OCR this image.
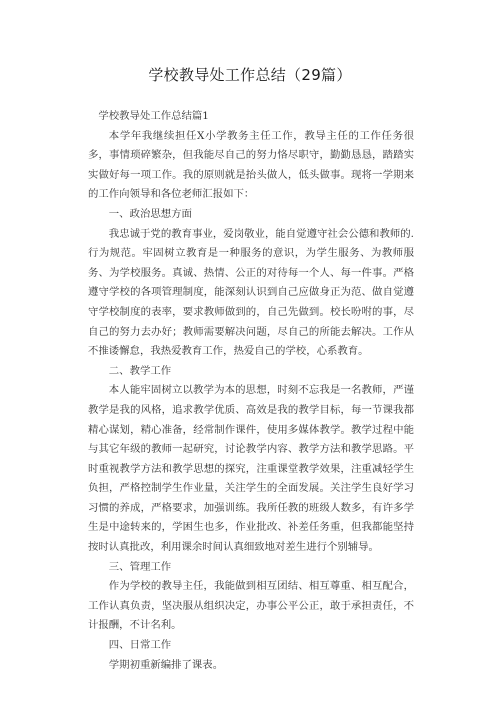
学校教导处工作总结（29篇）

学校教导处工作总结篇1

本学年我继续担任X小学教务主任工作，教导主任的工作任务很多，事情琐碎繁杂，但我能尽自己的努力恪尽职守，勤勤恳恳，踏踏实实做好每一项工作。我的原则就是抬头做人，低头做事。现将一学期来的工作向领导和各位老师汇报如下：

一、政治思想方面

我忠诚于党的教育事业，爱岗敬业，能自觉遵守社会公德和教师的.行为规范。牢固树立教育是一种服务的意识，为学生服务、为教师服务、为学校服务。真诚、热情、公正的对待每一个人、每一件事。严格遵守学校的各项管理制度，能深刻认识到自己应做身正为范、做自觉遵守学校制度的表率，要求教师做到的，自己先做到。校长吩咐的事，尽自己的努力去办好；教师需要解决问题，尽自己的所能去解决。工作从不推诿懈怠，我热爱教育工作，热爱自己的学校，心系教育。

二、教学工作

本人能牢固树立以教学为本的思想，时刻不忘我是一名教师，严谨教学是我的风格，追求教学优质、高效是我的教学目标，每一节课我都精心谋划，精心准备，经常制作课件，使用多媒体教学。教学过程中能与其它年级的教师一起研究，讨论教学内容、教学方法和教学思路。平时重视教学方法和教学思想的探究，注重课堂教学效果，注重减轻学生负担，严格控制学生作业量，关注学生的全面发展。关注学生良好学习习惯的养成，严格要求，加强训练。我所任教的班级人数多，有许多学生是中途转来的，学困生也多，作业批改、补差任务重，但我都能坚持按时认真批改，利用课余时间认真细致地对差生进行个别辅导。

三、管理工作

作为学校的教导主任，我能做到相互团结、相互尊重、相互配合，工作认真负责，坚决服从组织决定，办事公平公正，敢于承担责任，不计报酬，不计名利。

四、日常工作

学期初重新编排了课表。
